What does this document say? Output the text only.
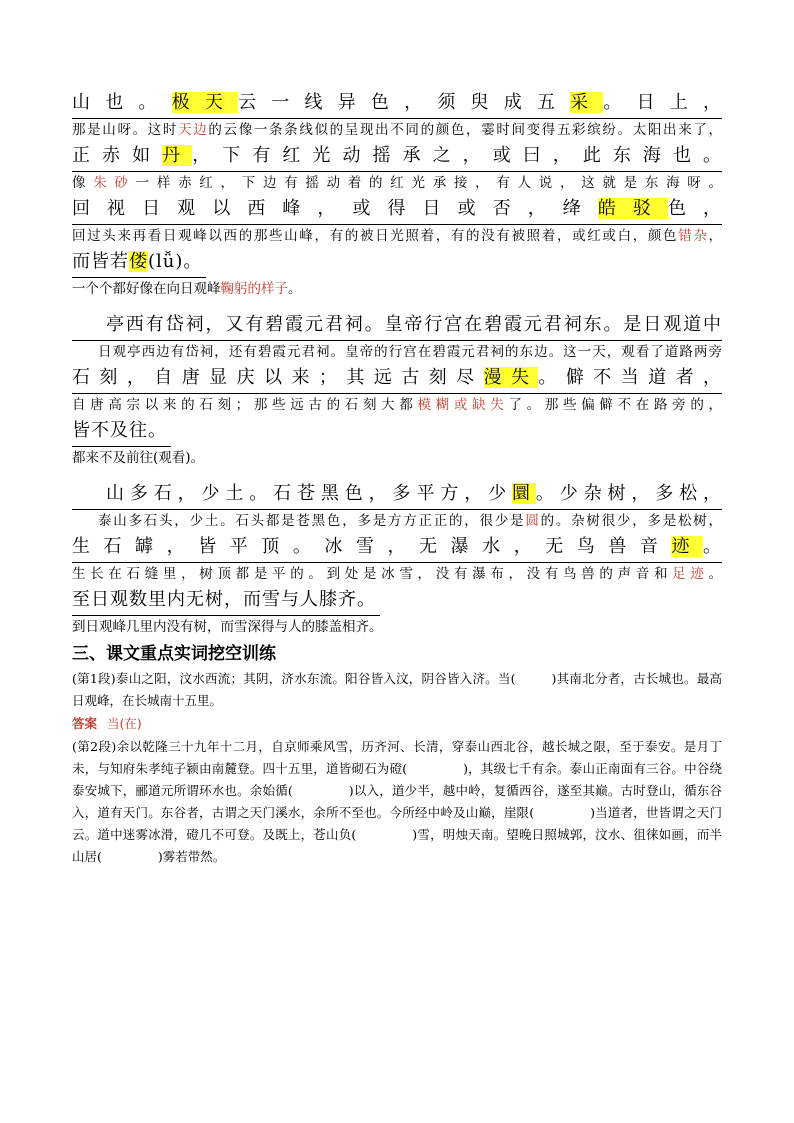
山也。极天云一线异色，须臾成五采。日上，
那是山呀。这时天边的云像一条条线似的呈现出不同的颜色，霎时间变得五彩缤纷。太阳出来了，
正赤如丹，下有红光动摇承之，或曰，此东海也。
像朱砂一样赤红，下边有摇动着的红光承接，有人说，这就是东海呀。
回视日观以西峰，或得日或否，绛皓驳色，
回过头来再看日观峰以西的那些山峰，有的被日光照着，有的没有被照着，或红或白，颜色错杂，
而皆若偻(lǚ)。
一个个都好像在向日观峰鞠躬的样子。
亭西有岱祠，又有碧霞元君祠。皇帝行宫在碧霞元君祠东。是日观道中
日观亭西边有岱祠，还有碧霞元君祠。皇帝的行宫在碧霞元君祠的东边。这一天，观看了道路两旁
石刻，自唐显庆以来；其远古刻尽漫失。僻不当道者，
自唐高宗以来的石刻；那些远古的石刻大都模糊或缺失了。那些偏僻不在路旁的，
皆不及往。
都来不及前往(观看)。
山多石，少土。石苍黑色，多平方，少圜。少杂树，多松，
泰山多石头，少土。石头都是苍黑色，多是方方正正的，很少是圆的。杂树很少，多是松树，
生石罅，皆平顶。冰雪，无瀑水，无鸟兽音迹。
生长在石缝里，树顶都是平的。到处是冰雪，没有瀑布，没有鸟兽的声音和足迹。
至日观数里内无树，而雪与人膝齐。
到日观峰几里内没有树，而雪深得与人的膝盖相齐。
三、课文重点实词挖空训练
(第1段)泰山之阳，汶水西流；其阴，济水东流。阳谷皆入汶，阴谷皆入济。当(	)其南北分者，古长城也。最高日观峰，在长城南十五里。
答案 当(在)
(第2段)余以乾隆三十九年十二月，自京师乘风雪，历齐河、长清，穿泰山西北谷，越长城之限，至于泰安。是月丁未，与知府朱孝纯子颍由南麓登。四十五里，道皆砌石为磴(	)，其级七千有余。泰山正南面有三谷。中谷绕泰安城下，郦道元所谓环水也。余始循(	)以入，道少半，越中岭，复循西谷，遂至其巅。古时登山，循东谷入，道有天门。东谷者，古谓之天门溪水，余所不至也。今所经中岭及山巅，崖限(	)当道者，世皆谓之天门云。道中迷雾冰滑，磴几不可登。及既上，苍山负(	)雪，明烛天南。望晚日照城郭，汶水、徂徕如画，而半山居(	)雾若带然。
